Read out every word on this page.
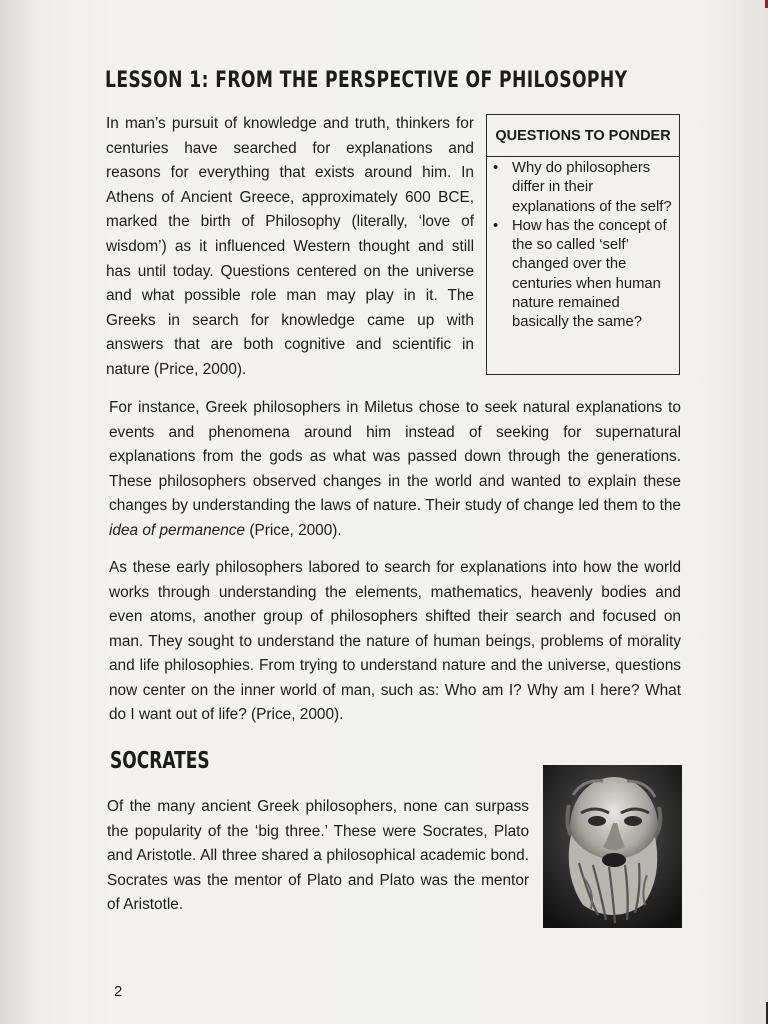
LESSON 1: FROM THE PERSPECTIVE OF PHILOSOPHY
In man’s pursuit of knowledge and truth, thinkers for centuries have searched for explanations and reasons for everything that exists around him. In Athens of Ancient Greece, approximately 600 BCE, marked the birth of Philosophy (literally, ‘love of wisdom’) as it influenced Western thought and still has until today. Questions centered on the universe and what possible role man may play in it. The Greeks in search for knowledge came up with answers that are both cognitive and scientific in nature (Price, 2000).
QUESTIONS TO PONDER
• Why do philosophers differ in their explanations of the self?
• How has the concept of the so called ‘self’ changed over the centuries when human nature remained basically the same?
For instance, Greek philosophers in Miletus chose to seek natural explanations to events and phenomena around him instead of seeking for supernatural explanations from the gods as what was passed down through the generations. These philosophers observed changes in the world and wanted to explain these changes by understanding the laws of nature. Their study of change led them to the idea of permanence (Price, 2000).
As these early philosophers labored to search for explanations into how the world works through understanding the elements, mathematics, heavenly bodies and even atoms, another group of philosophers shifted their search and focused on man. They sought to understand the nature of human beings, problems of morality and life philosophies. From trying to understand nature and the universe, questions now center on the inner world of man, such as: Who am I? Why am I here? What do I want out of life? (Price, 2000).
SOCRATES
Of the many ancient Greek philosophers, none can surpass the popularity of the ‘big three.’ These were Socrates, Plato and Aristotle. All three shared a philosophical academic bond. Socrates was the mentor of Plato and Plato was the mentor of Aristotle.
2
